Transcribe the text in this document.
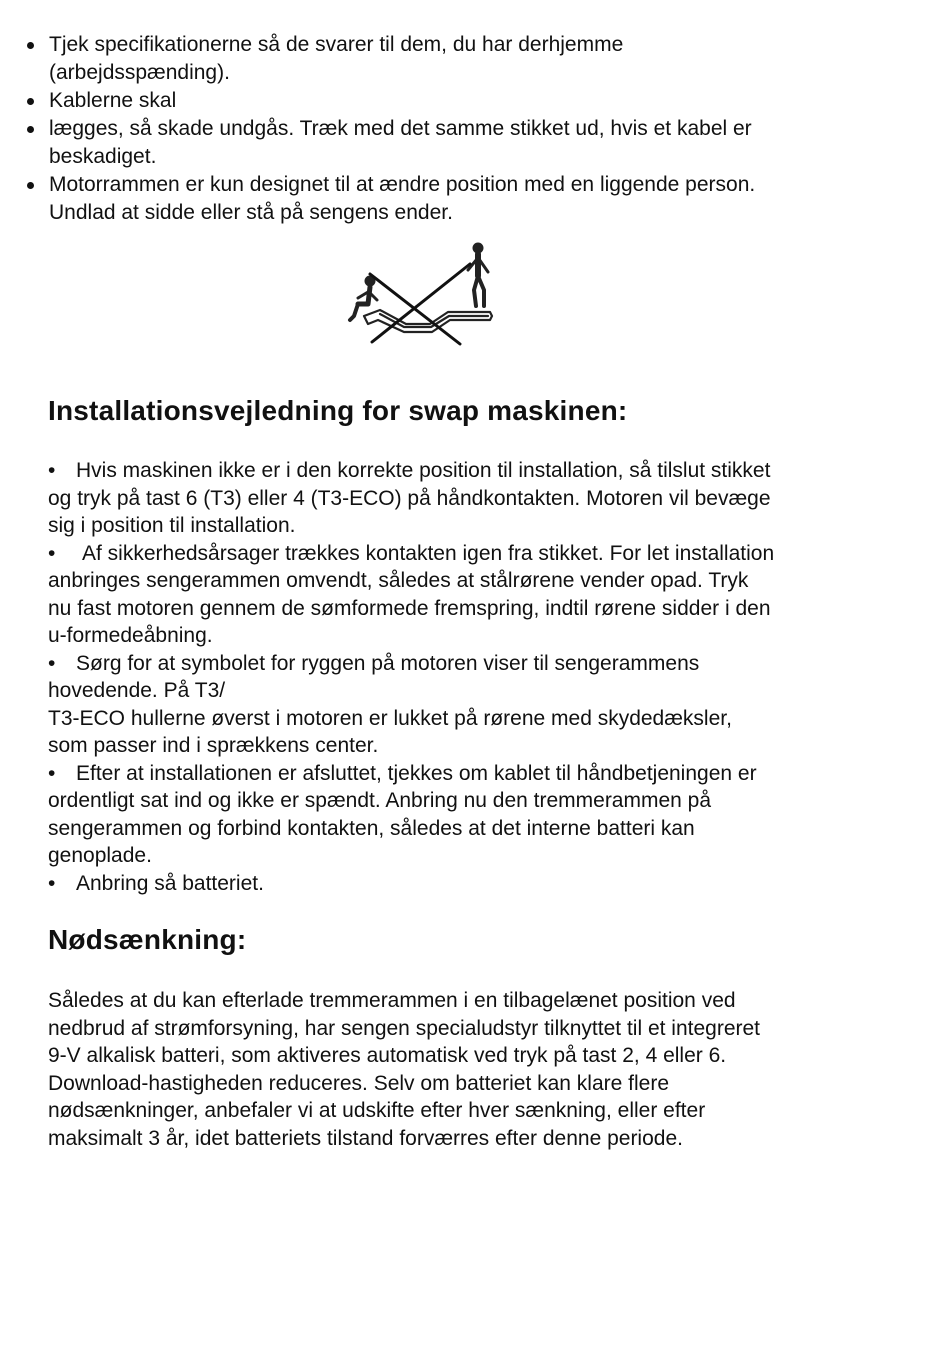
Tjek specifikationerne så de svarer til dem, du har derhjemme
(arbejdsspænding).
Kablerne skal
lægges, så skade undgås. Træk med det samme stikket ud, hvis et kabel er
beskadiget.
Motorrammen er kun designet til at ændre position med en liggende person.
Undlad at sidde eller stå på sengens ender.
Installationsvejledning for swap maskinen:
• Hvis maskinen ikke er i den korrekte position til installation, så tilslut stikket
og tryk på tast 6 (T3) eller 4 (T3-ECO) på håndkontakten. Motoren vil bevæge
sig i position til installation.
• Af sikkerhedsårsager trækkes kontakten igen fra stikket. For let installation
anbringes sengerammen omvendt, således at stålrørene vender opad. Tryk
nu fast motoren gennem de sømformede fremspring, indtil rørene sidder i den
u-formedeåbning.
• Sørg for at symbolet for ryggen på motoren viser til sengerammens
hovedende. På T3/
T3-ECO hullerne øverst i motoren er lukket på rørene med skydedæksler,
som passer ind i sprækkens center.
• Efter at installationen er afsluttet, tjekkes om kablet til håndbetjeningen er
ordentligt sat ind og ikke er spændt. Anbring nu den tremmerammen på
sengerammen og forbind kontakten, således at det interne batteri kan
genoplade.
• Anbring så batteriet.
Nødsænkning:
Således at du kan efterlade tremmerammen i en tilbagelænet position ved
nedbrud af strømforsyning, har sengen specialudstyr tilknyttet til et integreret
9-V alkalisk batteri, som aktiveres automatisk ved tryk på tast 2, 4 eller 6.
Download-hastigheden reduceres. Selv om batteriet kan klare flere
nødsænkninger, anbefaler vi at udskifte efter hver sænkning, eller efter
maksimalt 3 år, idet batteriets tilstand forværres efter denne periode.
